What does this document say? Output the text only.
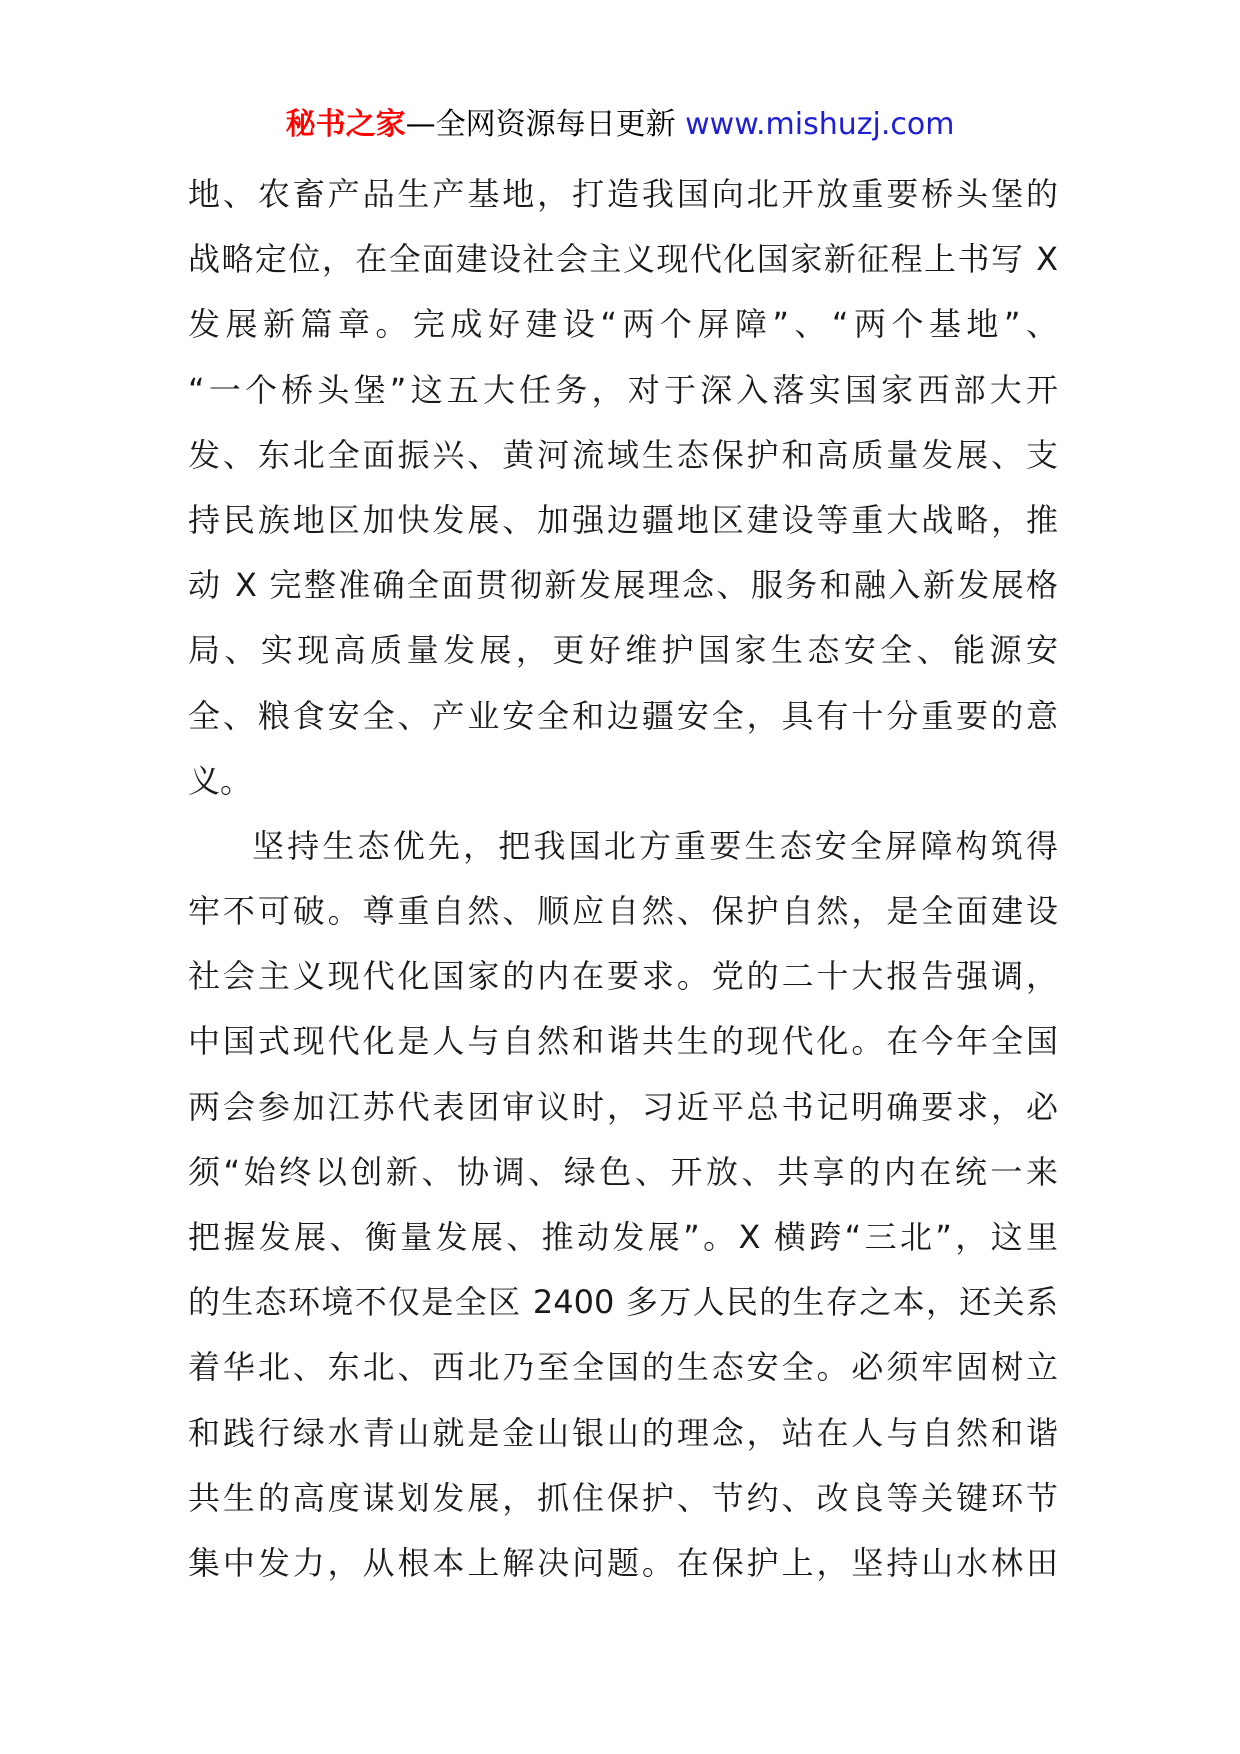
秘书之家—全网资源每日更新 www.mishuzj.com

地、农畜产品生产基地，打造我国向北开放重要桥头堡的
战略定位，在全面建设社会主义现代化国家新征程上书写 X
发展新篇章。完成好建设“两个屏障”、“两个基地”、
“一个桥头堡”这五大任务，对于深入落实国家西部大开
发、东北全面振兴、黄河流域生态保护和高质量发展、支
持民族地区加快发展、加强边疆地区建设等重大战略，推
动 X 完整准确全面贯彻新发展理念、服务和融入新发展格
局、实现高质量发展，更好维护国家生态安全、能源安
全、粮食安全、产业安全和边疆安全，具有十分重要的意
义。

坚持生态优先，把我国北方重要生态安全屏障构筑得
牢不可破。尊重自然、顺应自然、保护自然，是全面建设
社会主义现代化国家的内在要求。党的二十大报告强调，
中国式现代化是人与自然和谐共生的现代化。在今年全国
两会参加江苏代表团审议时，习近平总书记明确要求，必
须“始终以创新、协调、绿色、开放、共享的内在统一来
把握发展、衡量发展、推动发展”。X 横跨“三北”，这里
的生态环境不仅是全区 2400 多万人民的生存之本，还关系
着华北、东北、西北乃至全国的生态安全。必须牢固树立
和践行绿水青山就是金山银山的理念，站在人与自然和谐
共生的高度谋划发展，抓住保护、节约、改良等关键环节
集中发力，从根本上解决问题。在保护上，坚持山水林田
